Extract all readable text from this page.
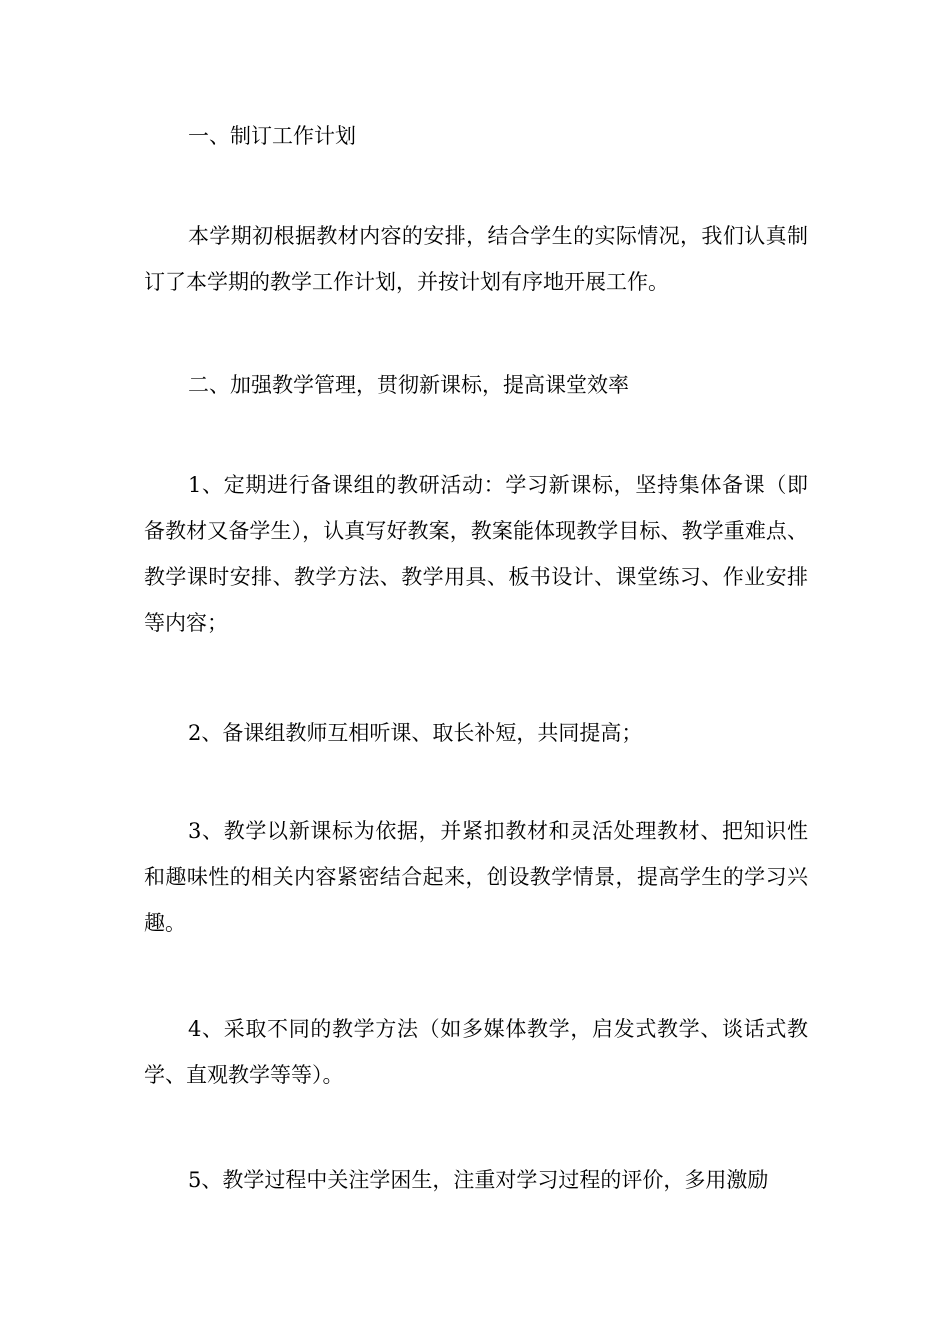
一、制订工作计划

本学期初根据教材内容的安排，结合学生的实际情况，我们认真制订了本学期的教学工作计划，并按计划有序地开展工作。

二、加强教学管理，贯彻新课标，提高课堂效率

1、定期进行备课组的教研活动：学习新课标，坚持集体备课（即备教材又备学生），认真写好教案，教案能体现教学目标、教学重难点、教学课时安排、教学方法、教学用具、板书设计、课堂练习、作业安排等内容；

2、备课组教师互相听课、取长补短，共同提高；

3、教学以新课标为依据，并紧扣教材和灵活处理教材、把知识性和趣味性的相关内容紧密结合起来，创设教学情景，提高学生的学习兴趣。

4、采取不同的教学方法（如多媒体教学，启发式教学、谈话式教学、直观教学等等）。

5、教学过程中关注学困生，注重对学习过程的评价，多用激励
